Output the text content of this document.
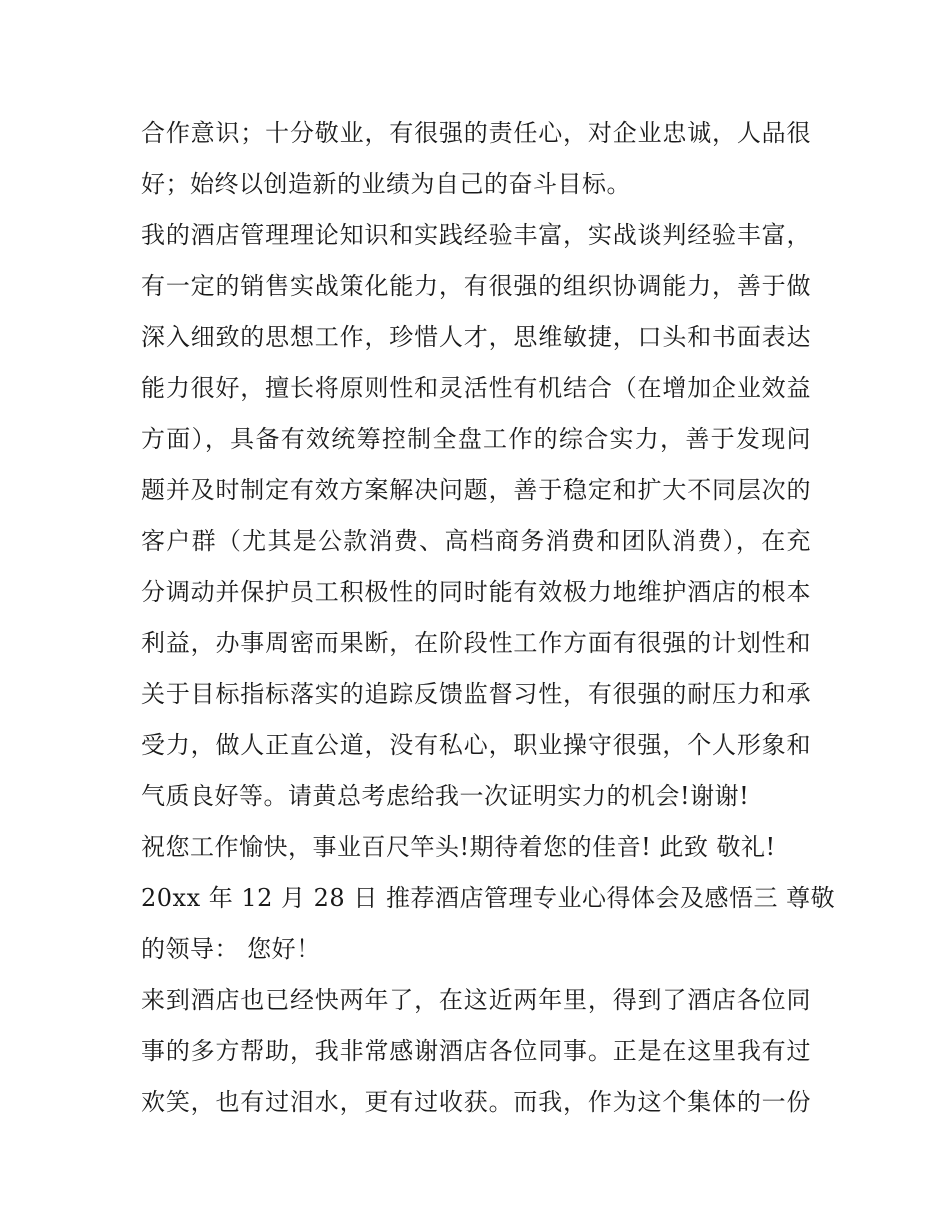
合作意识；十分敬业，有很强的责任心，对企业忠诚，人品很
好；始终以创造新的业绩为自己的奋斗目标。
我的酒店管理理论知识和实践经验丰富，实战谈判经验丰富，
有一定的销售实战策化能力，有很强的组织协调能力，善于做
深入细致的思想工作，珍惜人才，思维敏捷，口头和书面表达
能力很好，擅长将原则性和灵活性有机结合（在增加企业效益
方面），具备有效统筹控制全盘工作的综合实力，善于发现问
题并及时制定有效方案解决问题，善于稳定和扩大不同层次的
客户群（尤其是公款消费、高档商务消费和团队消费），在充
分调动并保护员工积极性的同时能有效极力地维护酒店的根本
利益，办事周密而果断，在阶段性工作方面有很强的计划性和
关于目标指标落实的追踪反馈监督习性，有很强的耐压力和承
受力，做人正直公道，没有私心，职业操守很强，个人形象和
气质良好等。请黄总考虑给我一次证明实力的机会!谢谢!
祝您工作愉快，事业百尺竿头!期待着您的佳音! 此致 敬礼!
20xx 年 12 月 28 日 推荐酒店管理专业心得体会及感悟三 尊敬
的领导： 您好！
来到酒店也已经快两年了，在这近两年里，得到了酒店各位同
事的多方帮助，我非常感谢酒店各位同事。正是在这里我有过
欢笑，也有过泪水，更有过收获。而我，作为这个集体的一份
